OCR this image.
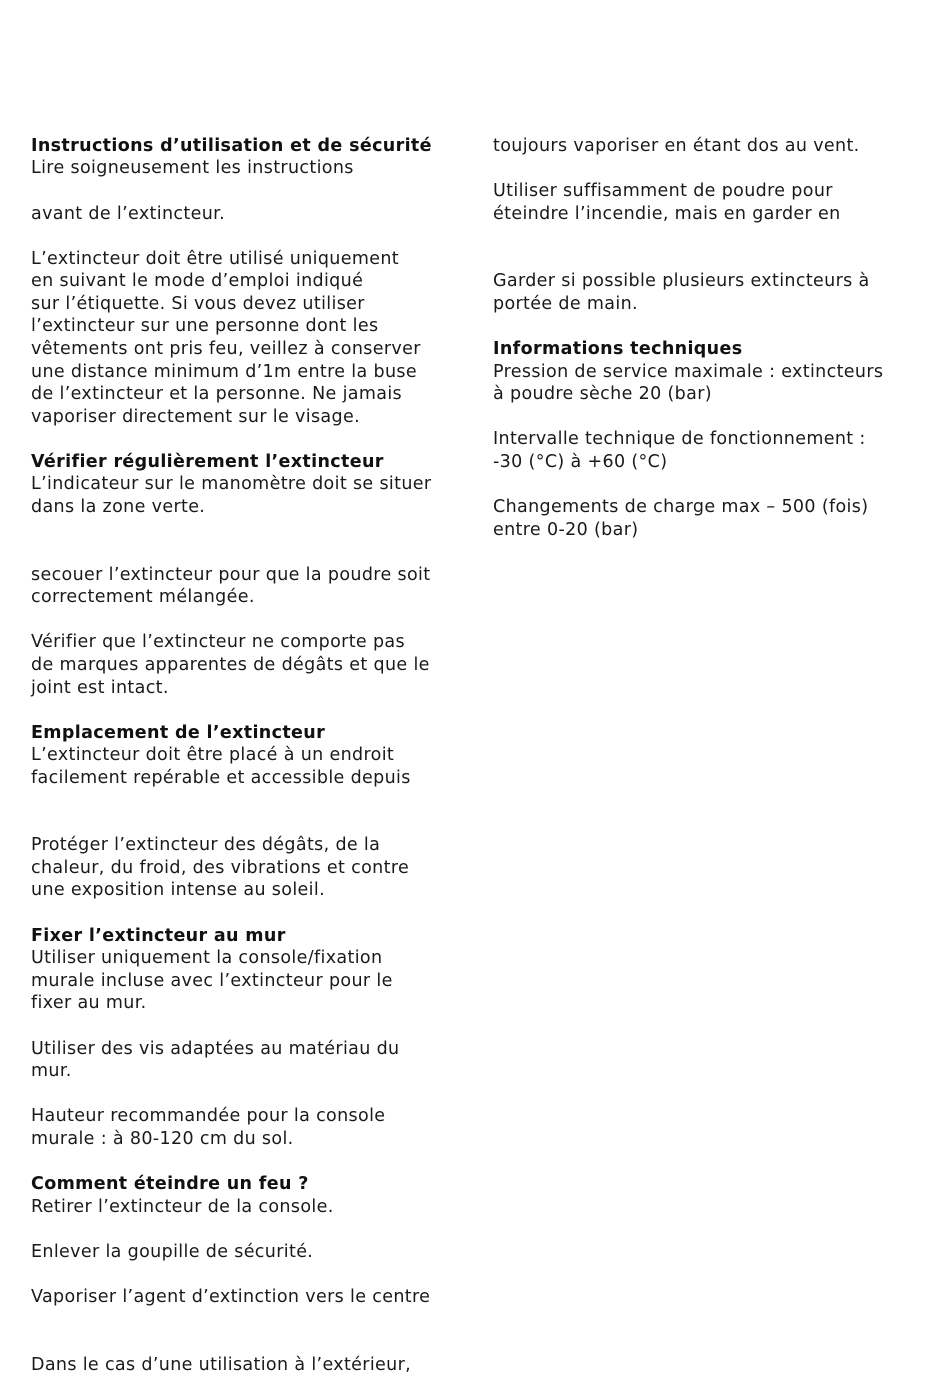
Instructions d’utilisation et de sécurité
Lire soigneusement les instructions
avant de l’extincteur.
L’extincteur doit être utilisé uniquement
en suivant le mode d’emploi indiqué
sur l’étiquette. Si vous devez utiliser
l’extincteur sur une personne dont les
vêtements ont pris feu, veillez à conserver
une distance minimum d’1m entre la buse
de l’extincteur et la personne. Ne jamais
vaporiser directement sur le visage.
Vérifier régulièrement l’extincteur
L’indicateur sur le manomètre doit se situer
dans la zone verte.
secouer l’extincteur pour que la poudre soit
correctement mélangée.
Vérifier que l’extincteur ne comporte pas
de marques apparentes de dégâts et que le
joint est intact.
Emplacement de l’extincteur
L’extincteur doit être placé à un endroit
facilement repérable et accessible depuis
Protéger l’extincteur des dégâts, de la
chaleur, du froid, des vibrations et contre
une exposition intense au soleil.
Fixer l’extincteur au mur
Utiliser uniquement la console/fixation
murale incluse avec l’extincteur pour le
fixer au mur.
Utiliser des vis adaptées au matériau du
mur.
Hauteur recommandée pour la console
murale : à 80-120 cm du sol.
Comment éteindre un feu ?
Retirer l’extincteur de la console.
Enlever la goupille de sécurité.
Vaporiser l’agent d’extinction vers le centre
Dans le cas d’une utilisation à l’extérieur,
toujours vaporiser en étant dos au vent.
Utiliser suffisamment de poudre pour
éteindre l’incendie, mais en garder en
Garder si possible plusieurs extincteurs à
portée de main.
Informations techniques
Pression de service maximale : extincteurs
à poudre sèche 20 (bar)
Intervalle technique de fonctionnement :
-30 (°C) à +60 (°C)
Changements de charge max – 500 (fois)
entre 0-20 (bar)
